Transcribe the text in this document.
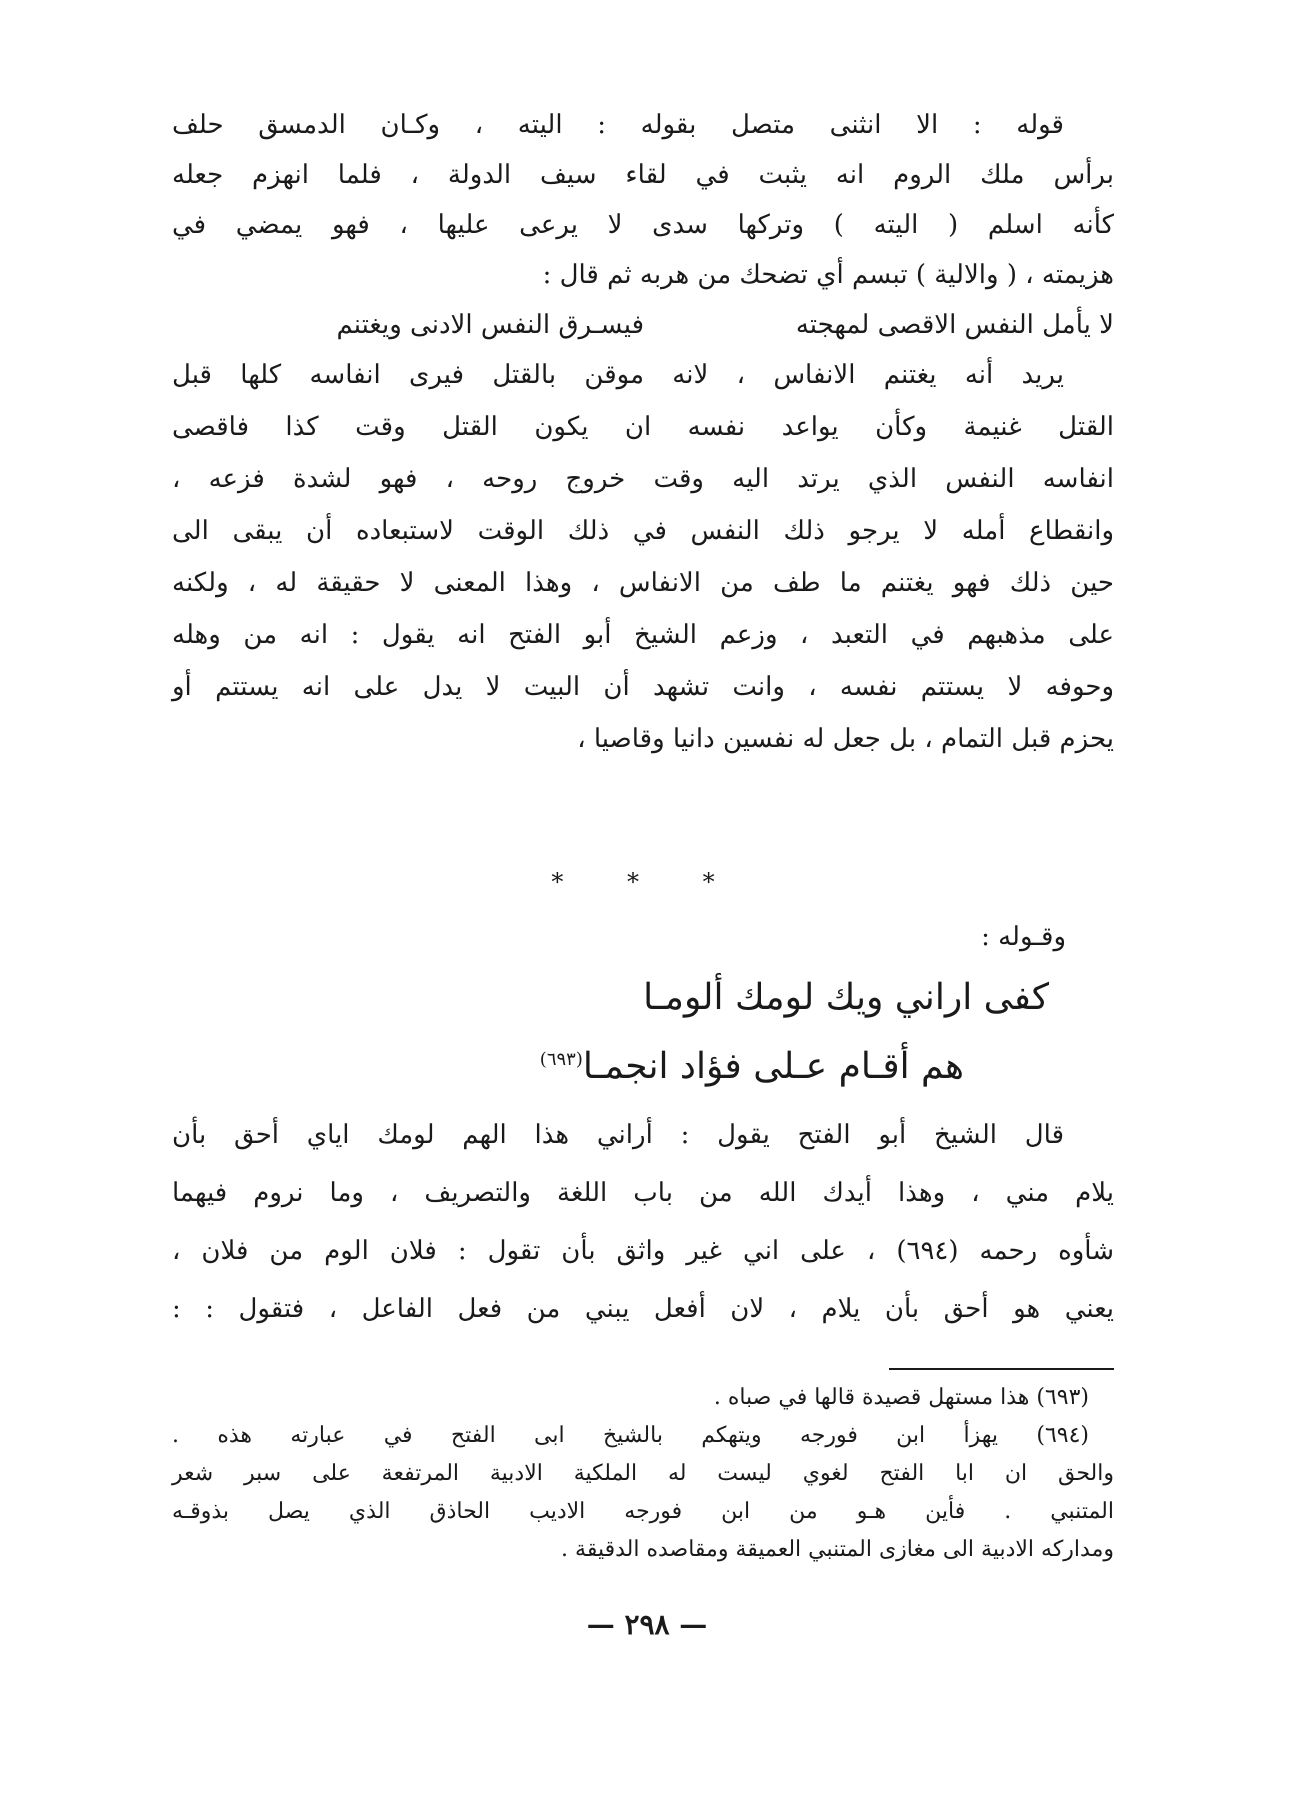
قوله : الا انثنى متصل بقوله : اليته ، وكـان الدمسق حلف
برأس ملك الروم انه يثبت في لقاء سيف الدولة ، فلما انهزم جعله
كأنه اسلم ( اليته ) وتركها سدى لا يرعى عليها ، فهو يمضي في
هزيمته ، ( والالية ) تبسم أي تضحك من هربه ثم قال :
لا يأمل النفس الاقصى لمهجته
فيسـرق النفس الادنى ويغتنم
يريد أنه يغتنم الانفاس ، لانه موقن بالقتل فيرى انفاسه كلها قبل
القتل غنيمة وكأن يواعد نفسه ان يكون القتل وقت كذا فاقصى
انفاسه النفس الذي يرتد اليه وقت خروج روحه ، فهو لشدة فزعه ،
وانقطاع أمله لا يرجو ذلك النفس في ذلك الوقت لاستبعاده أن يبقى الى
حين ذلك فهو يغتنم ما طف من الانفاس ، وهذا المعنى لا حقيقة له ، ولكنه
على مذهبهم في التعبد ، وزعم الشيخ أبو الفتح انه يقول : انه من وهله
وحوفه لا يستتم نفسه ، وانت تشهد أن البيت لا يدل على انه يستتم أو
يحزم قبل التمام ، بل جعل له نفسين دانيا وقاصيا ،
* * *
وقـوله :
كفى اراني ويك لومك ألومـا
هم أقـام عـلى فؤاد انجمـا$^{(٦٩٣)}$
قال الشيخ أبو الفتح يقول : أراني هذا الهم لومك اياي أحق بأن
يلام مني ، وهذا أيدك الله من باب اللغة والتصريف ، وما نروم فيهما
شأوه رحمه (٦٩٤) ، على اني غير واثق بأن تقول : فلان الوم من فلان ،
يعني هو أحق بأن يلام ، لان أفعل يبني من فعل الفاعل ، فتقول : :
(٦٩٣) هذا مستهل قصيدة قالها في صباه .
(٦٩٤) يهزأ ابن فورجه ويتهكم بالشيخ ابى الفتح في عبارته هذه .
والحق ان ابا الفتح لغوي ليست له الملكية الادبية المرتفعة على سبر شعر
المتنبي . فأين هـو من ابن فورجه الاديب الحاذق الذي يصل بذوقـه
ومداركه الادبية الى مغازى المتنبي العميقة ومقاصده الدقيقة .
— ٢٩٨ —
